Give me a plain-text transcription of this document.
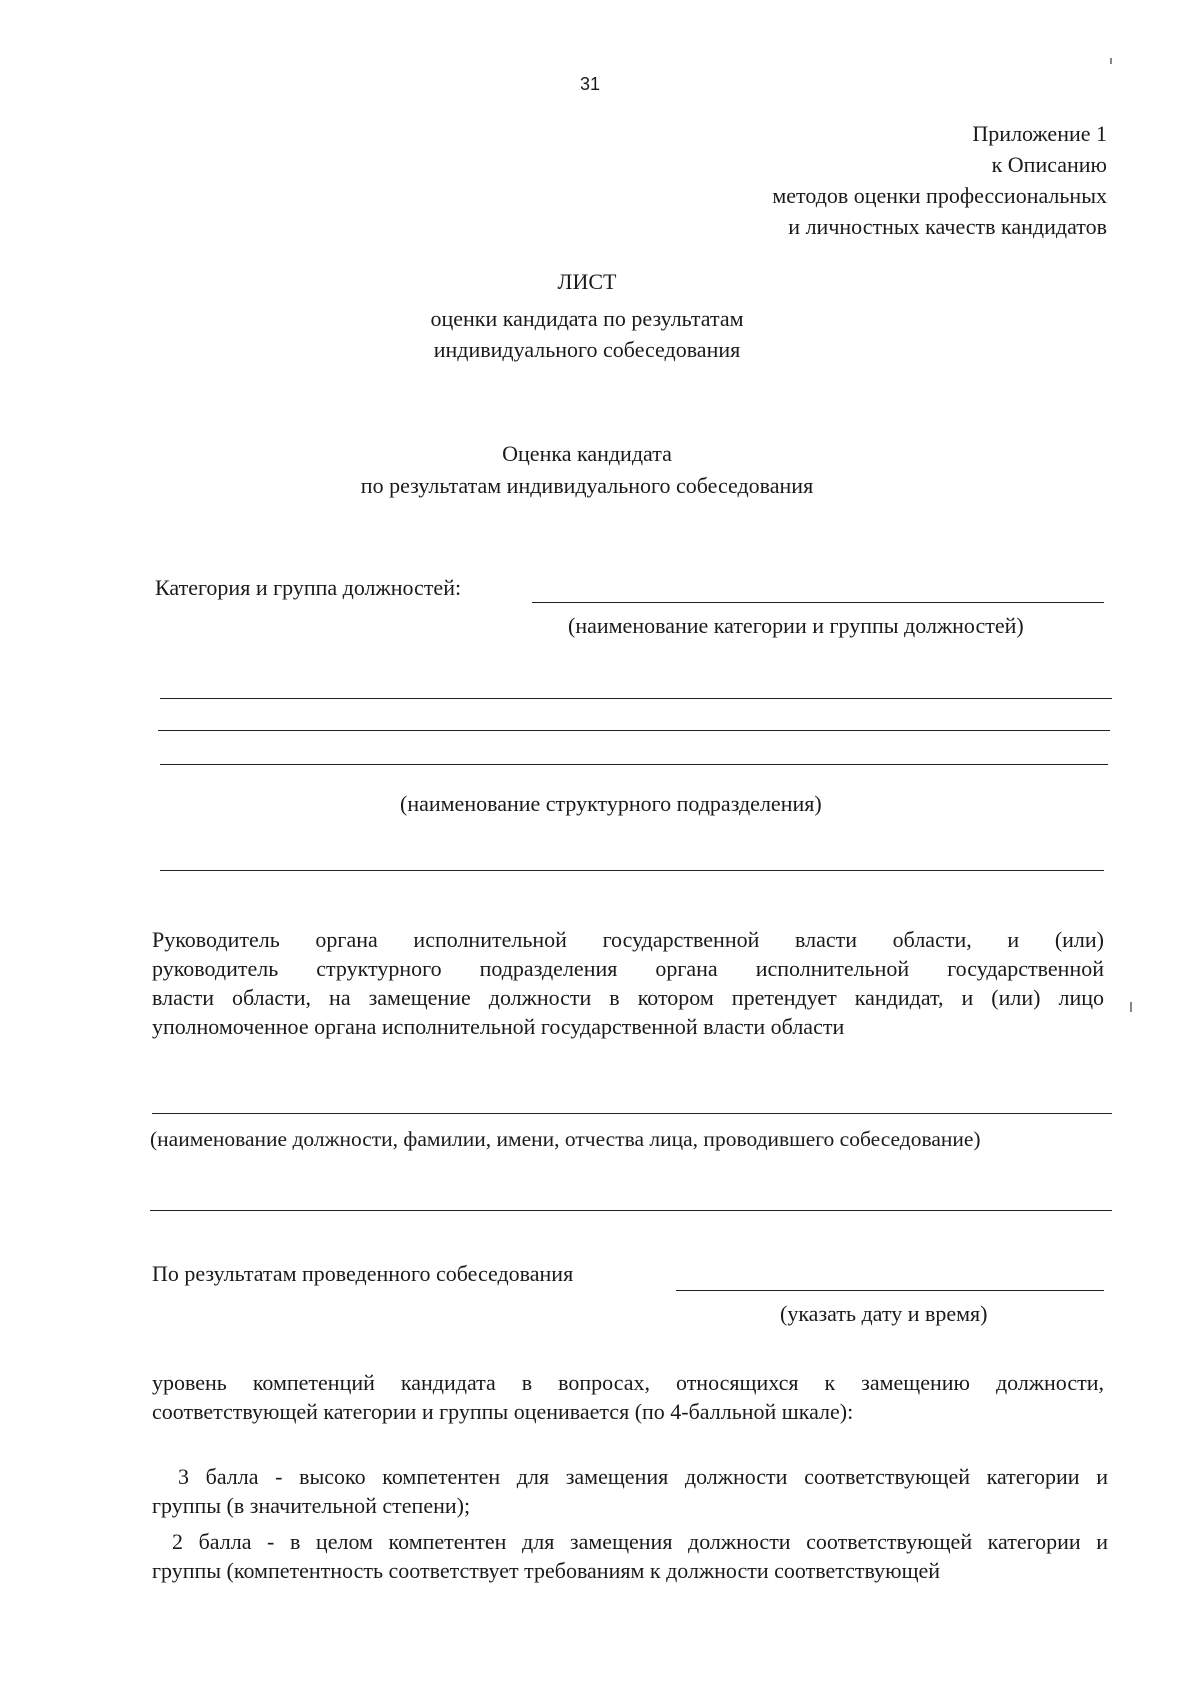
31
Приложение 1
к Описанию
методов оценки профессиональных
и личностных качеств кандидатов
ЛИСТ
оценки кандидата по результатам
индивидуального собеседования
Оценка кандидата
по результатам индивидуального собеседования
Категория и группа должностей:
(наименование категории и группы должностей)
(наименование структурного подразделения)
Руководитель органа исполнительной государственной власти области, и (или)
руководитель структурного подразделения органа исполнительной государственной
власти области, на замещение должности в котором претендует кандидат, и (или) лицо
уполномоченное органа исполнительной государственной власти области
(наименование должности, фамилии, имени, отчества лица, проводившего собеседование)
По результатам проведенного собеседования
(указать дату и время)
уровень компетенций кандидата в вопросах, относящихся к замещению должности,
соответствующей категории и группы оценивается (по 4-балльной шкале):
3 балла - высоко компетентен для замещения должности соответствующей категории и
группы (в значительной степени);
2 балла - в целом компетентен для замещения должности соответствующей категории и
группы (компетентность соответствует требованиям к должности соответствующей
